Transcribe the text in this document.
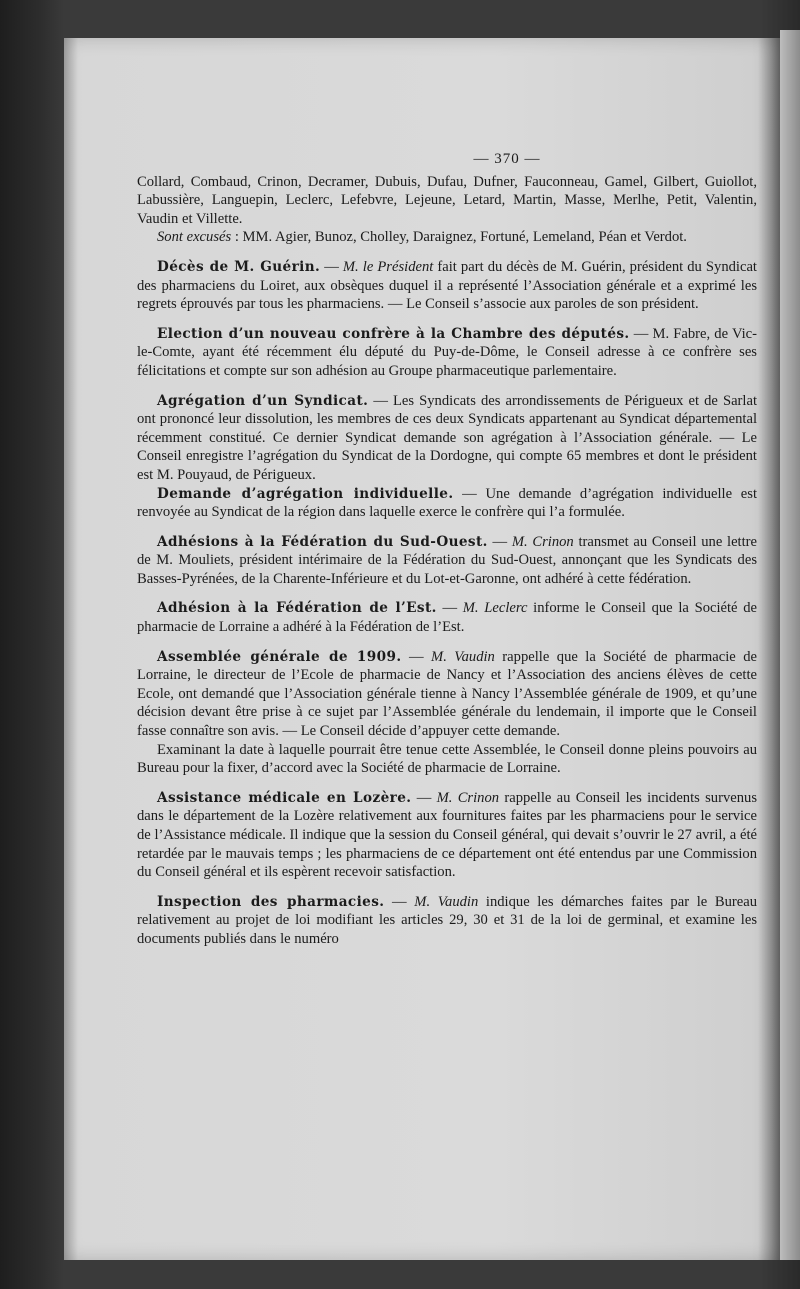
— 370 —

Collard, Combaud, Crinon, Decramer, Dubuis, Dufau, Dufner, Fauconneau, Gamel, Gilbert, Guiollot, Labussière, Languepin, Leclerc, Lefebvre, Lejeune, Letard, Martin, Masse, Merlhe, Petit, Valentin, Vaudin et Villette.

Sont excusés : MM. Agier, Bunoz, Cholley, Daraignez, Fortuné, Lemeland, Péan et Verdot.

Décès de M. Guérin. — M. le Président fait part du décès de M. Guérin, président du Syndicat des pharmaciens du Loiret, aux obsèques duquel il a représenté l’Association générale et a exprimé les regrets éprouvés par tous les pharmaciens. — Le Conseil s’associe aux paroles de son président.

Election d’un nouveau confrère à la Chambre des députés. — M. Fabre, de Vic-le-Comte, ayant été récemment élu député du Puy-de-Dôme, le Conseil adresse à ce confrère ses félicitations et compte sur son adhésion au Groupe pharmaceutique parlementaire.

Agrégation d’un Syndicat. — Les Syndicats des arrondissements de Périgueux et de Sarlat ont prononcé leur dissolution, les membres de ces deux Syndicats appartenant au Syndicat départemental récemment constitué. Ce dernier Syndicat demande son agrégation à l’Association générale. — Le Conseil enregistre l’agrégation du Syndicat de la Dordogne, qui compte 65 membres et dont le président est M. Pouyaud, de Périgueux.

Demande d’agrégation individuelle. — Une demande d’agrégation individuelle est renvoyée au Syndicat de la région dans laquelle exerce le confrère qui l’a formulée.

Adhésions à la Fédération du Sud-Ouest. — M. Crinon transmet au Conseil une lettre de M. Mouliets, président intérimaire de la Fédération du Sud-Ouest, annonçant que les Syndicats des Basses-Pyrénées, de la Charente-Inférieure et du Lot-et-Garonne, ont adhéré à cette fédération.

Adhésion à la Fédération de l’Est. — M. Leclerc informe le Conseil que la Société de pharmacie de Lorraine a adhéré à la Fédération de l’Est.

Assemblée générale de 1909. — M. Vaudin rappelle que la Société de pharmacie de Lorraine, le directeur de l’Ecole de pharmacie de Nancy et l’Association des anciens élèves de cette Ecole, ont demandé que l’Association générale tienne à Nancy l’Assemblée générale de 1909, et qu’une décision devant être prise à ce sujet par l’Assemblée générale du lendemain, il importe que le Conseil fasse connaître son avis. — Le Conseil décide d’appuyer cette demande.

Examinant la date à laquelle pourrait être tenue cette Assemblée, le Conseil donne pleins pouvoirs au Bureau pour la fixer, d’accord avec la Société de pharmacie de Lorraine.

Assistance médicale en Lozère. — M. Crinon rappelle au Conseil les incidents survenus dans le département de la Lozère relativement aux fournitures faites par les pharmaciens pour le service de l’Assistance médicale. Il indique que la session du Conseil général, qui devait s’ouvrir le 27 avril, a été retardée par le mauvais temps ; les pharmaciens de ce département ont été entendus par une Commission du Conseil général et ils espèrent recevoir satisfaction.

Inspection des pharmacies. — M. Vaudin indique les démarches faites par le Bureau relativement au projet de loi modifiant les articles 29, 30 et 31 de la loi de germinal, et examine les documents publiés dans le numéro
